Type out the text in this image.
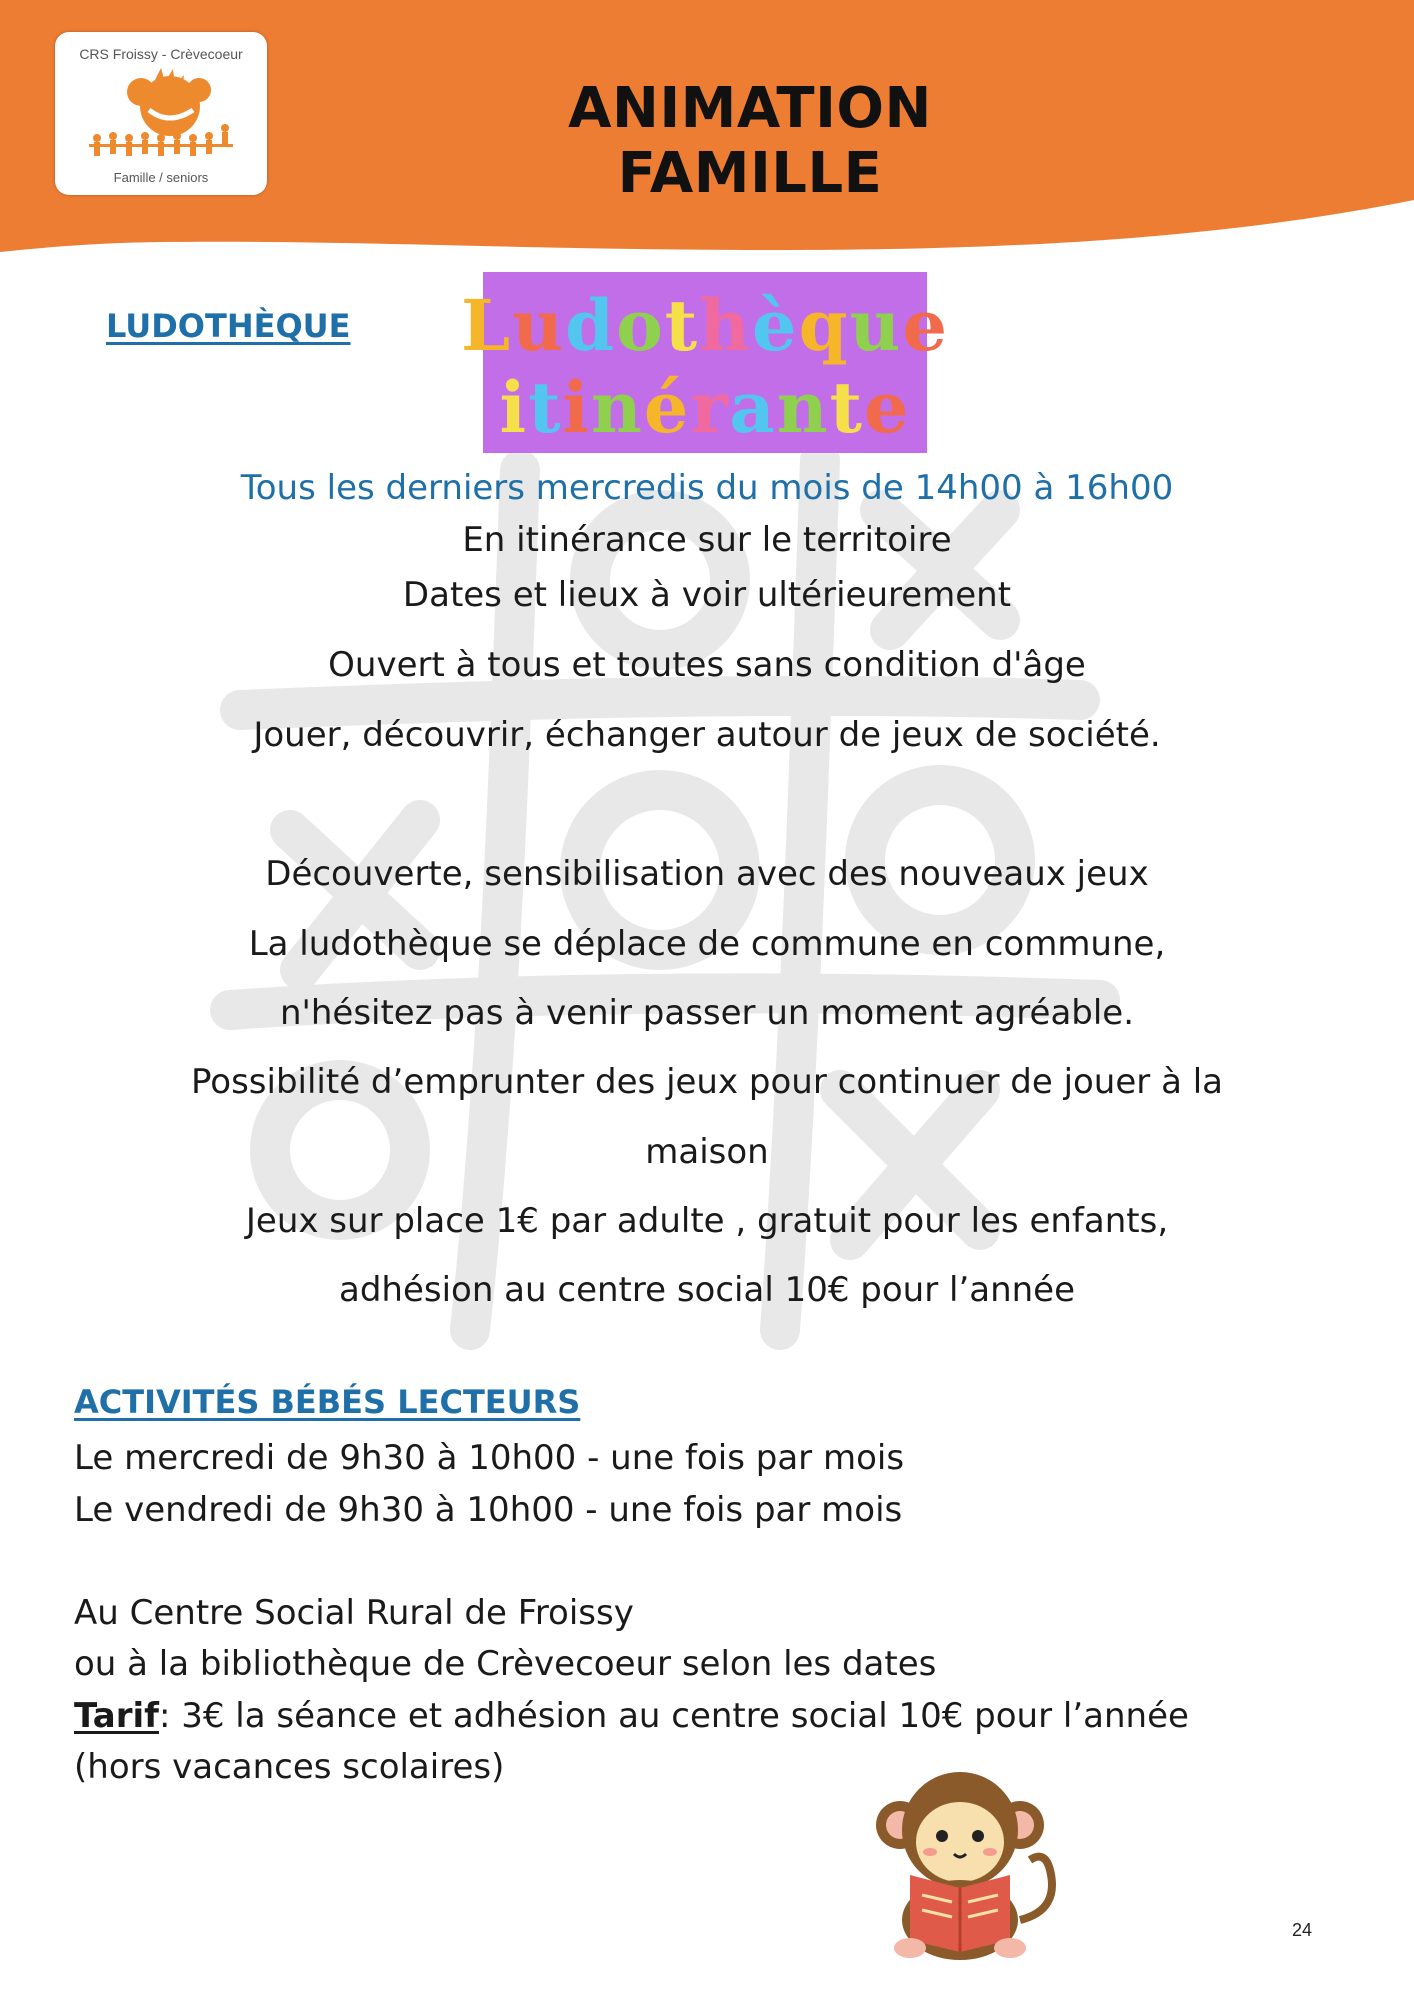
CRS Froissy - Crèvecoeur
Famille / seniors
ANIMATION FAMILLE
LUDOTHÈQUE Ludothèque
itinérante
Tous les derniers mercredis du mois de 14h00 à 16h00
En itinérance sur le territoire
Dates et lieux à voir ultérieurement
Ouvert à tous et toutes sans condition d'âge
Jouer, découvrir, échanger autour de jeux de société.
Découverte, sensibilisation avec des nouveaux jeux
La ludothèque se déplace de commune en commune,
n'hésitez pas à venir passer un moment agréable.
Possibilité d’emprunter des jeux pour continuer de jouer à la
maison
Jeux sur place 1€ par adulte , gratuit pour les enfants,
adhésion au centre social 10€ pour l’année
ACTIVITÉS BÉBÉS LECTEURS
Le mercredi de 9h30 à 10h00 - une fois par mois
Le vendredi de 9h30 à 10h00 - une fois par mois
Au Centre Social Rural de Froissy
ou à la bibliothèque de Crèvecoeur selon les dates
Tarif: 3€ la séance et adhésion au centre social 10€ pour l’année
(hors vacances scolaires)
24
